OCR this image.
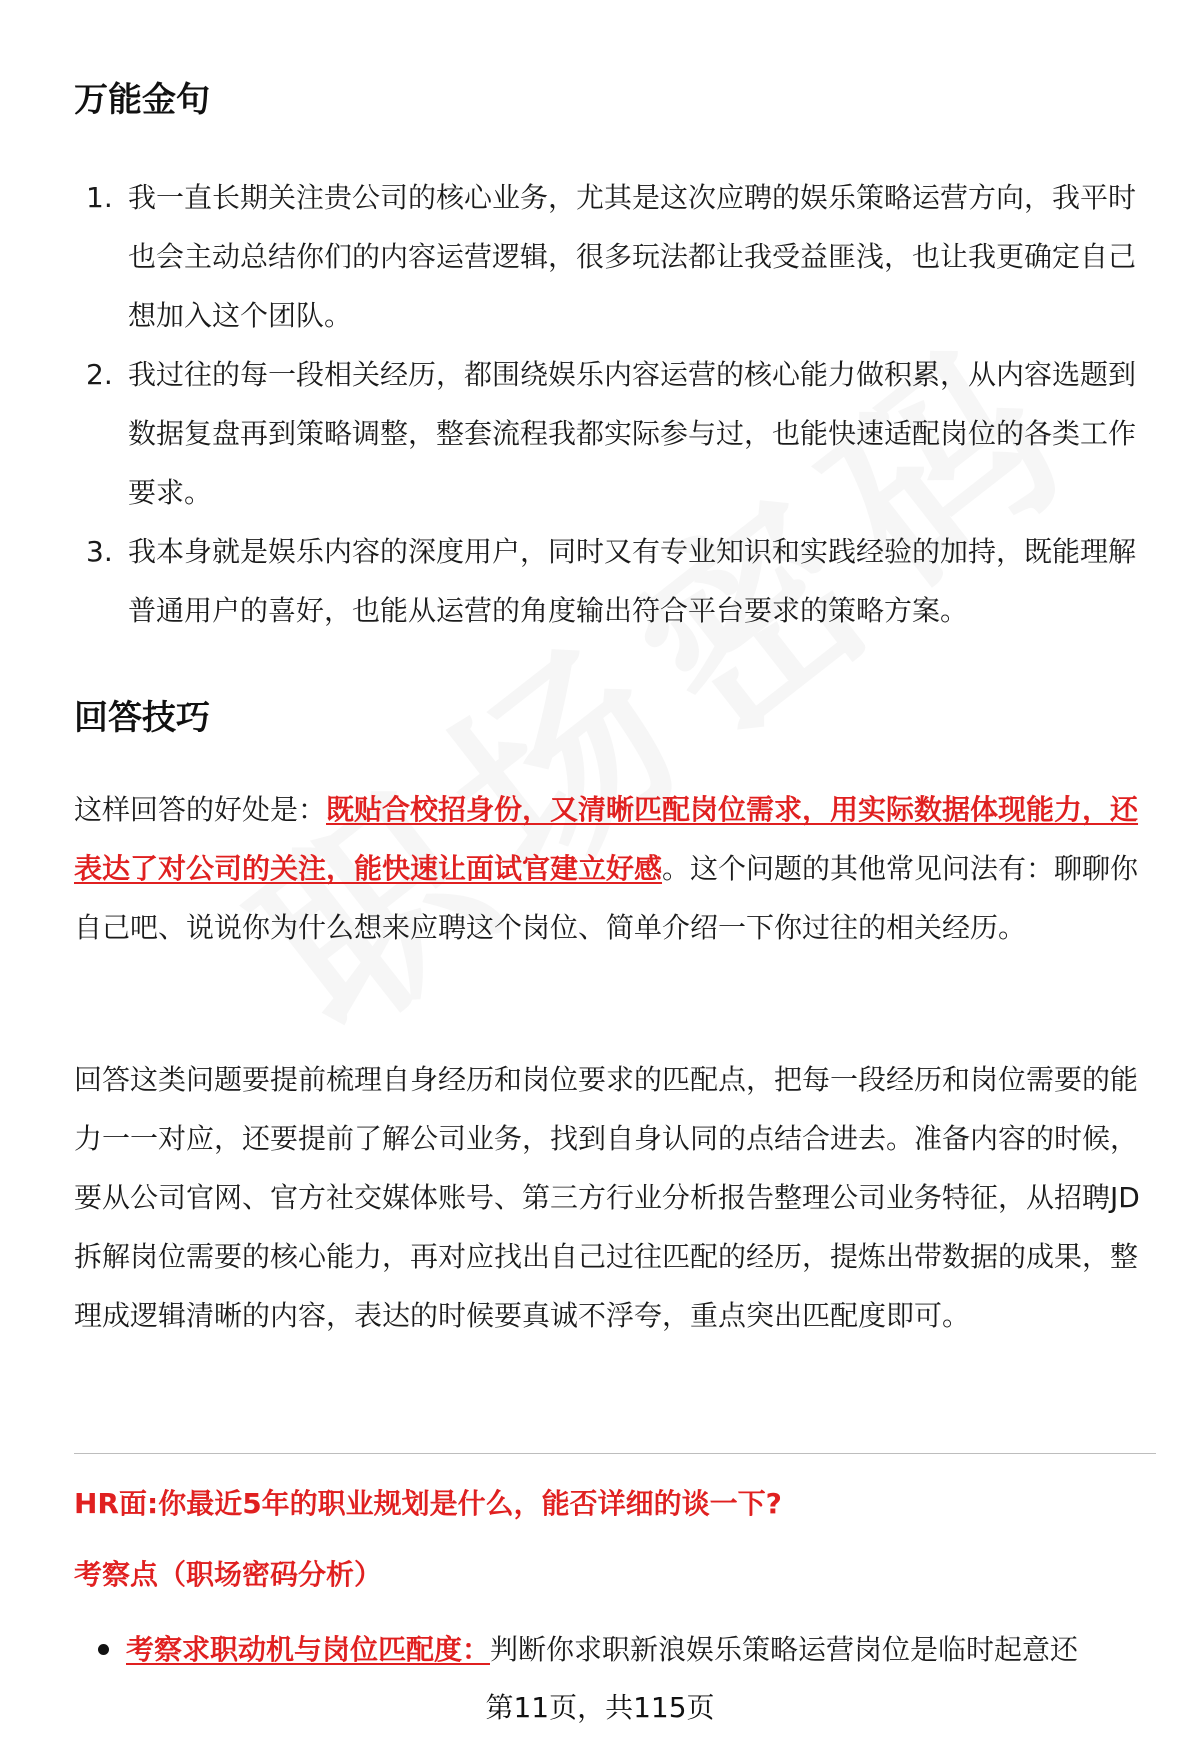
万能金句
1. 我一直长期关注贵公司的核心业务，尤其是这次应聘的娱乐策略运营方向，我平时也会主动总结你们的内容运营逻辑，很多玩法都让我受益匪浅，也让我更确定自己想加入这个团队。
2. 我过往的每一段相关经历，都围绕娱乐内容运营的核心能力做积累，从内容选题到数据复盘再到策略调整，整套流程我都实际参与过，也能快速适配岗位的各类工作要求。
3. 我本身就是娱乐内容的深度用户，同时又有专业知识和实践经验的加持，既能理解普通用户的喜好，也能从运营的角度输出符合平台要求的策略方案。
回答技巧

这样回答的好处是：既贴合校招身份，又清晰匹配岗位需求，用实际数据体现能力，还表达了对公司的关注，能快速让面试官建立好感。这个问题的其他常见问法有：聊聊你自己吧、说说你为什么想来应聘这个岗位、简单介绍一下你过往的相关经历。

回答这类问题要提前梳理自身经历和岗位要求的匹配点，把每一段经历和岗位需要的能力一一对应，还要提前了解公司业务，找到自身认同的点结合进去。准备内容的时候，要从公司官网、官方社交媒体账号、第三方行业分析报告整理公司业务特征，从招聘JD拆解岗位需要的核心能力，再对应找出自己过往匹配的经历，提炼出带数据的成果，整理成逻辑清晰的内容，表达的时候要真诚不浮夸，重点突出匹配度即可。

HR面:你最近5年的职业规划是什么，能否详细的谈一下?

考察点（职场密码分析）

考察求职动机与岗位匹配度：判断你求职新浪娱乐策略运营岗位是临时起意还
第11页，共115页
